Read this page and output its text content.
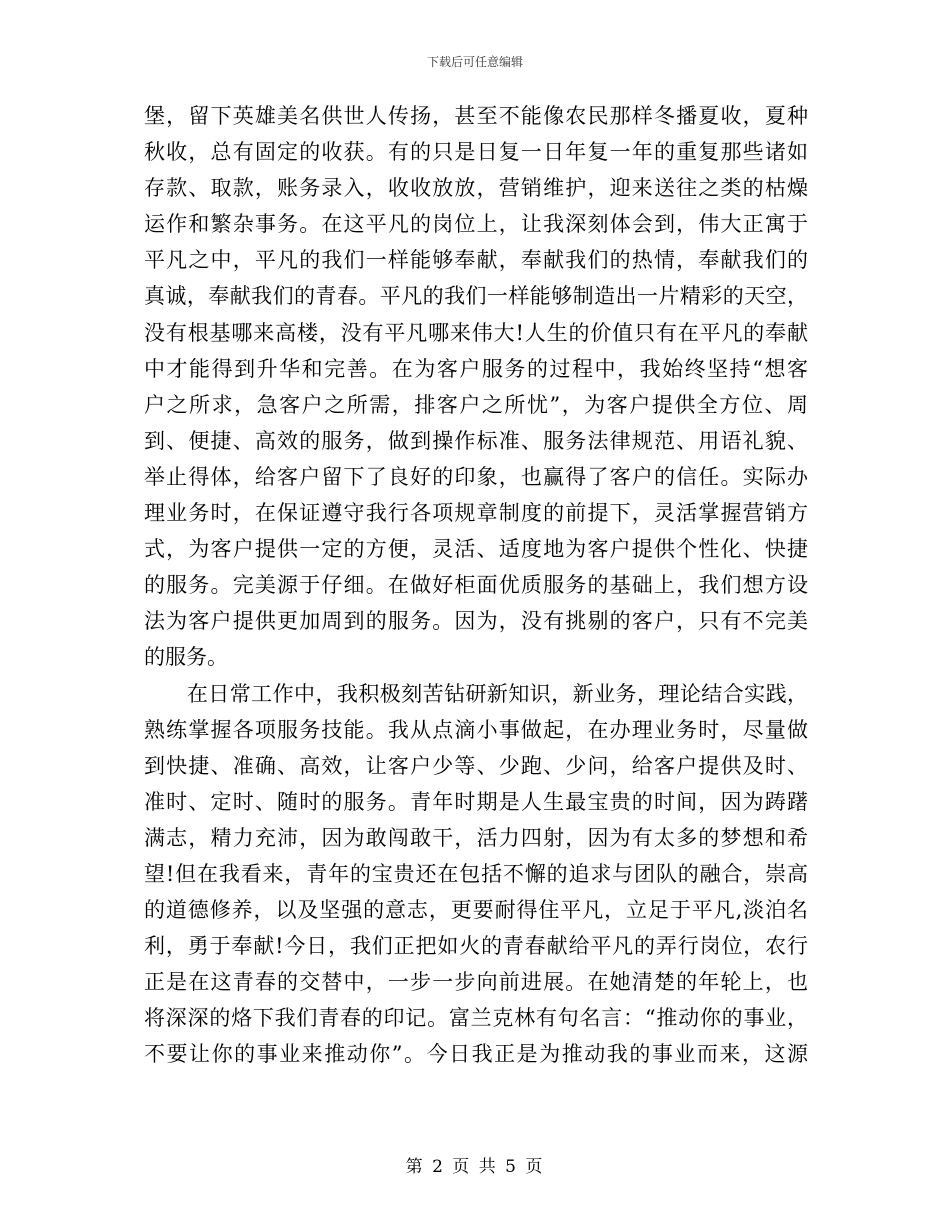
下载后可任意编辑
堡，留下英雄美名供世人传扬，甚至不能像农民那样冬播夏收，夏种
秋收，总有固定的收获。有的只是日复一日年复一年的重复那些诸如
存款、取款，账务录入，收收放放，营销维护，迎来送往之类的枯燥
运作和繁杂事务。在这平凡的岗位上，让我深刻体会到，伟大正寓于
平凡之中，平凡的我们一样能够奉献，奉献我们的热情，奉献我们的
真诚，奉献我们的青春。平凡的我们一样能够制造出一片精彩的天空，
没有根基哪来高楼，没有平凡哪来伟大!人生的价值只有在平凡的奉献
中才能得到升华和完善。在为客户服务的过程中，我始终坚持“想客
户之所求，急客户之所需，排客户之所忧”，为客户提供全方位、周
到、便捷、高效的服务，做到操作标准、服务法律规范、用语礼貌、
举止得体，给客户留下了良好的印象，也赢得了客户的信任。实际办
理业务时，在保证遵守我行各项规章制度的前提下，灵活掌握营销方
式，为客户提供一定的方便，灵活、适度地为客户提供个性化、快捷
的服务。完美源于仔细。在做好柜面优质服务的基础上，我们想方设
法为客户提供更加周到的服务。因为，没有挑剔的客户，只有不完美
的服务。
　　在日常工作中，我积极刻苦钻研新知识，新业务，理论结合实践，
熟练掌握各项服务技能。我从点滴小事做起，在办理业务时，尽量做
到快捷、准确、高效，让客户少等、少跑、少问，给客户提供及时、
准时、定时、随时的服务。青年时期是人生最宝贵的时间，因为踌躇
满志，精力充沛，因为敢闯敢干，活力四射，因为有太多的梦想和希
望!但在我看来，青年的宝贵还在包括不懈的追求与团队的融合，崇高
的道德修养，以及坚强的意志，更要耐得住平凡，立足于平凡,淡泊名
利，勇于奉献!今日，我们正把如火的青春献给平凡的弄行岗位，农行
正是在这青春的交替中，一步一步向前进展。在她清楚的年轮上，也
将深深的烙下我们青春的印记。富兰克林有句名言：“推动你的事业，
不要让你的事业来推动你”。今日我正是为推动我的事业而来，这源
第 2 页 共 5 页
